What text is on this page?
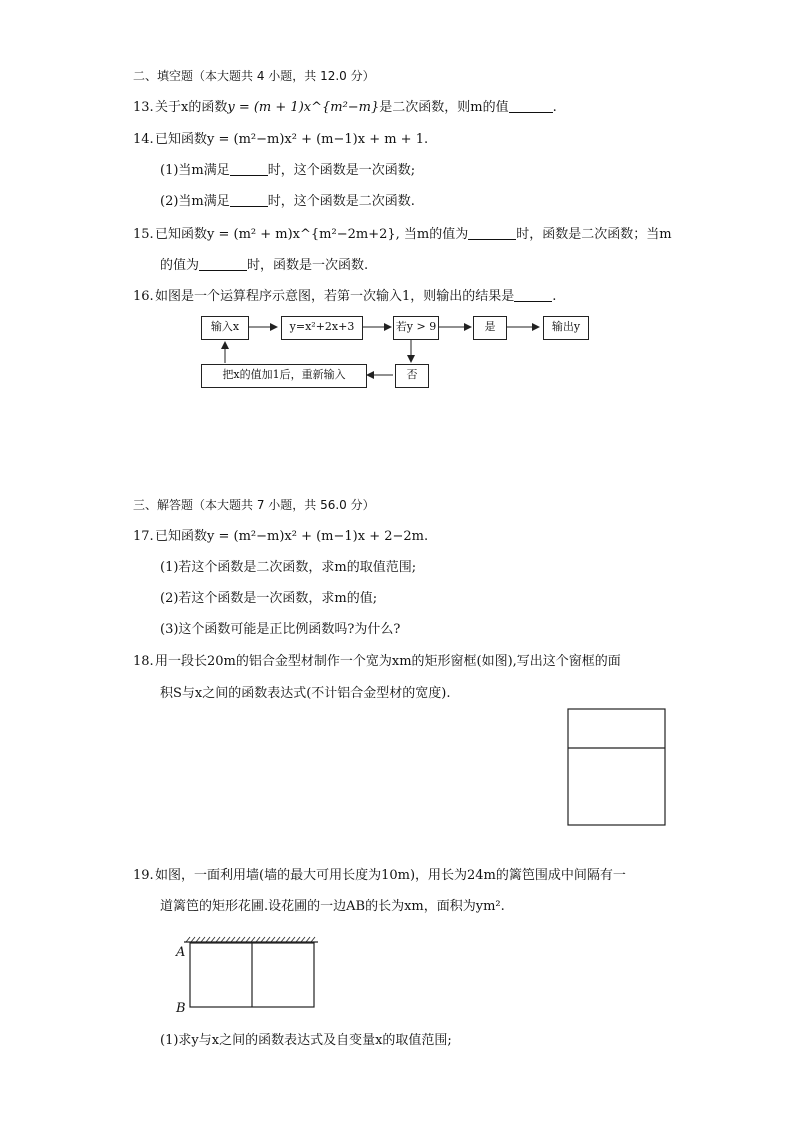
二、填空题（本大题共 4 小题，共 12.0 分）
13.关于x的函数y = (m + 1)x^{m²−m}是二次函数，则m的值	.
14.已知函数y = (m²−m)x² + (m−1)x + m + 1.
(1)当m满足	时，这个函数是一次函数;
(2)当m满足	时，这个函数是二次函数.
15.已知函数y = (m² + m)x^{m²−2m+2}, 当m的值为	时，函数是二次函数；当m
的值为	时，函数是一次函数.
16.如图是一个运算程序示意图，若第一次输入1，则输出的结果是	.
输入x	y=x²+2x+3	若y > 9	是	输出y
否
把x的值加1后，重新输入
三、解答题（本大题共 7 小题，共 56.0 分）
17.已知函数y = (m²−m)x² + (m−1)x + 2−2m.
(1)若这个函数是二次函数，求m的取值范围;
(2)若这个函数是一次函数，求m的值;
(3)这个函数可能是正比例函数吗?为什么?
18.用一段长20m的铝合金型材制作一个宽为xm的矩形窗框(如图),写出这个窗框的面
积S与x之间的函数表达式(不计铝合金型材的宽度).
19.如图，一面利用墙(墙的最大可用长度为10m)，用长为24m的篱笆围成中间隔有一
道篱笆的矩形花圃.设花圃的一边AB的长为xm，面积为ym².
A
B
(1)求y与x之间的函数表达式及自变量x的取值范围;
